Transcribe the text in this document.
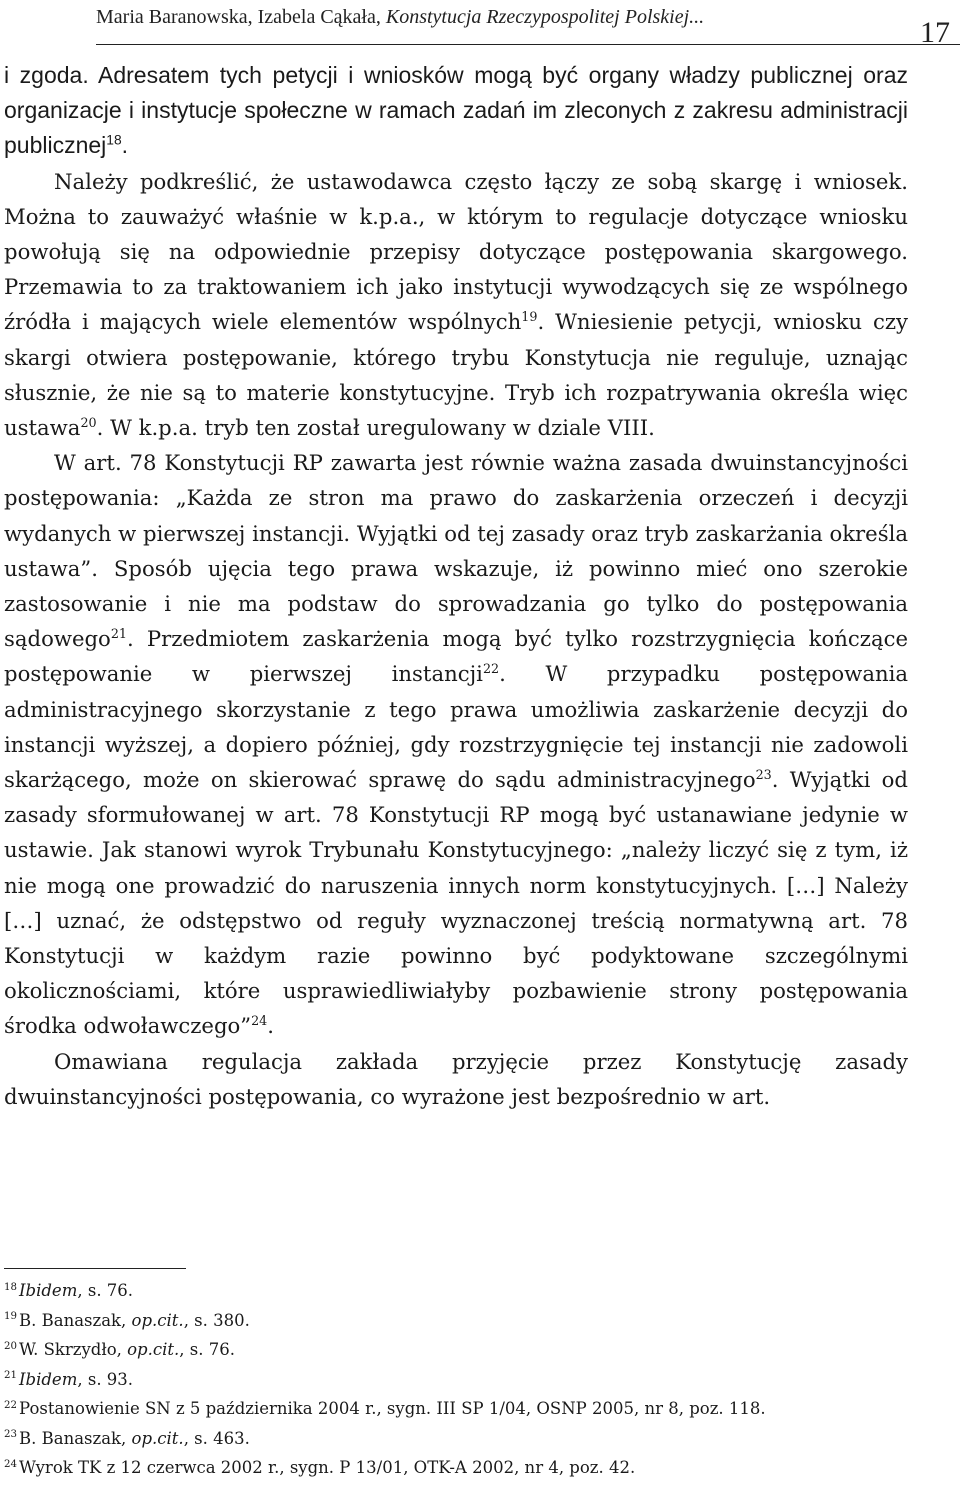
Maria Baranowska, Izabela Cąkała, Konstytucja Rzeczypospolitej Polskiej...	17

i zgoda. Adresatem tych petycji i wniosków mogą być organy władzy publicznej oraz organizacje i instytucje społeczne w ramach zadań im zleconych z zakresu administracji publicznej$^{18}$.

Należy podkreślić, że ustawodawca często łączy ze sobą skargę i wniosek. Można to zauważyć właśnie w k.p.a., w którym to regulacje dotyczące wniosku powołują się na odpowiednie przepisy dotyczące postępowania skargowego. Przemawia to za traktowaniem ich jako instytucji wywodzących się ze wspólnego źródła i mających wiele elementów wspólnych$^{19}$. Wniesienie petycji, wniosku czy skargi otwiera postępowanie, którego trybu Konstytucja nie reguluje, uznając słusznie, że nie są to materie konstytucyjne. Tryb ich rozpatrywania określa więc ustawa$^{20}$. W k.p.a. tryb ten został uregulowany w dziale VIII.

W art. 78 Konstytucji RP zawarta jest równie ważna zasada dwuinstancyjności postępowania: „Każda ze stron ma prawo do zaskarżenia orzeczeń i decyzji wydanych w pierwszej instancji. Wyjątki od tej zasady oraz tryb zaskarżania określa ustawa”. Sposób ujęcia tego prawa wskazuje, iż powinno mieć ono szerokie zastosowanie i nie ma podstaw do sprowadzania go tylko do postępowania sądowego$^{21}$. Przedmiotem zaskarżenia mogą być tylko rozstrzygnięcia kończące postępowanie w pierwszej instancji$^{22}$. W przypadku postępowania administracyjnego skorzystanie z tego prawa umożliwia zaskarżenie decyzji do instancji wyższej, a dopiero później, gdy rozstrzygnięcie tej instancji nie zadowoli skarżącego, może on skierować sprawę do sądu administracyjnego$^{23}$. Wyjątki od zasady sformułowanej w art. 78 Konstytucji RP mogą być ustanawiane jedynie w ustawie. Jak stanowi wyrok Trybunału Konstytucyjnego: „należy liczyć się z tym, iż nie mogą one prowadzić do naruszenia innych norm konstytucyjnych. […] Należy […] uznać, że odstępstwo od reguły wyznaczonej treścią normatywną art. 78 Konstytucji w każdym razie powinno być podyktowane szczególnymi okolicznościami, które usprawiedliwiałyby pozbawienie strony postępowania środka odwoławczego”$^{24}$.

Omawiana regulacja zakłada przyjęcie przez Konstytucję zasady dwuinstancyjności postępowania, co wyrażone jest bezpośrednio w art.

$^{18}$ Ibidem, s. 76.
$^{19}$ B. Banaszak, op.cit., s. 380.
$^{20}$ W. Skrzydło, op.cit., s. 76.
$^{21}$ Ibidem, s. 93.
$^{22}$ Postanowienie SN z 5 października 2004 r., sygn. III SP 1/04, OSNP 2005, nr 8, poz. 118.
$^{23}$ B. Banaszak, op.cit., s. 463.
$^{24}$ Wyrok TK z 12 czerwca 2002 r., sygn. P 13/01, OTK-A 2002, nr 4, poz. 42.
